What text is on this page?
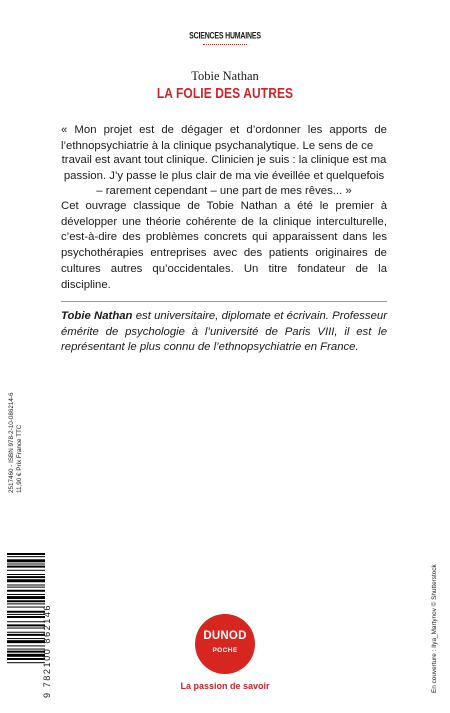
SCIENCES HUMAINES
Tobie Nathan
LA FOLIE DES AUTRES

« Mon projet est de dégager et d’ordonner les apports de l’ethnopsychiatrie à la clinique psychanalytique. Le sens de ce

travail est avant tout clinique. Clinicien je suis : la clinique est ma passion. J’y passe le plus clair de ma vie éveillée et quelquefois – rarement cependant – une part de mes rêves... »

Cet ouvrage classique de Tobie Nathan a été le premier à développer une théorie cohérente de la clinique interculturelle, c’est-à-dire des problèmes concrets qui apparaissent dans les psychothérapies entreprises avec des patients originaires de cultures autres qu’occidentales. Un titre fondateur de la discipline.

Tobie Nathan est universitaire, diplomate et écrivain. Professeur émérite de psychologie à l’université de Paris VIII, il est le représentant le plus connu de l’ethnopsychiatrie en France.

2517460 - ISBN 978-2-10-086214-6 11,90 € Prix France TTC
9 782100 862146	En couverture : Ilya_Martynov © Shutterstock
DUNOD
POCHE
La passion de savoir
